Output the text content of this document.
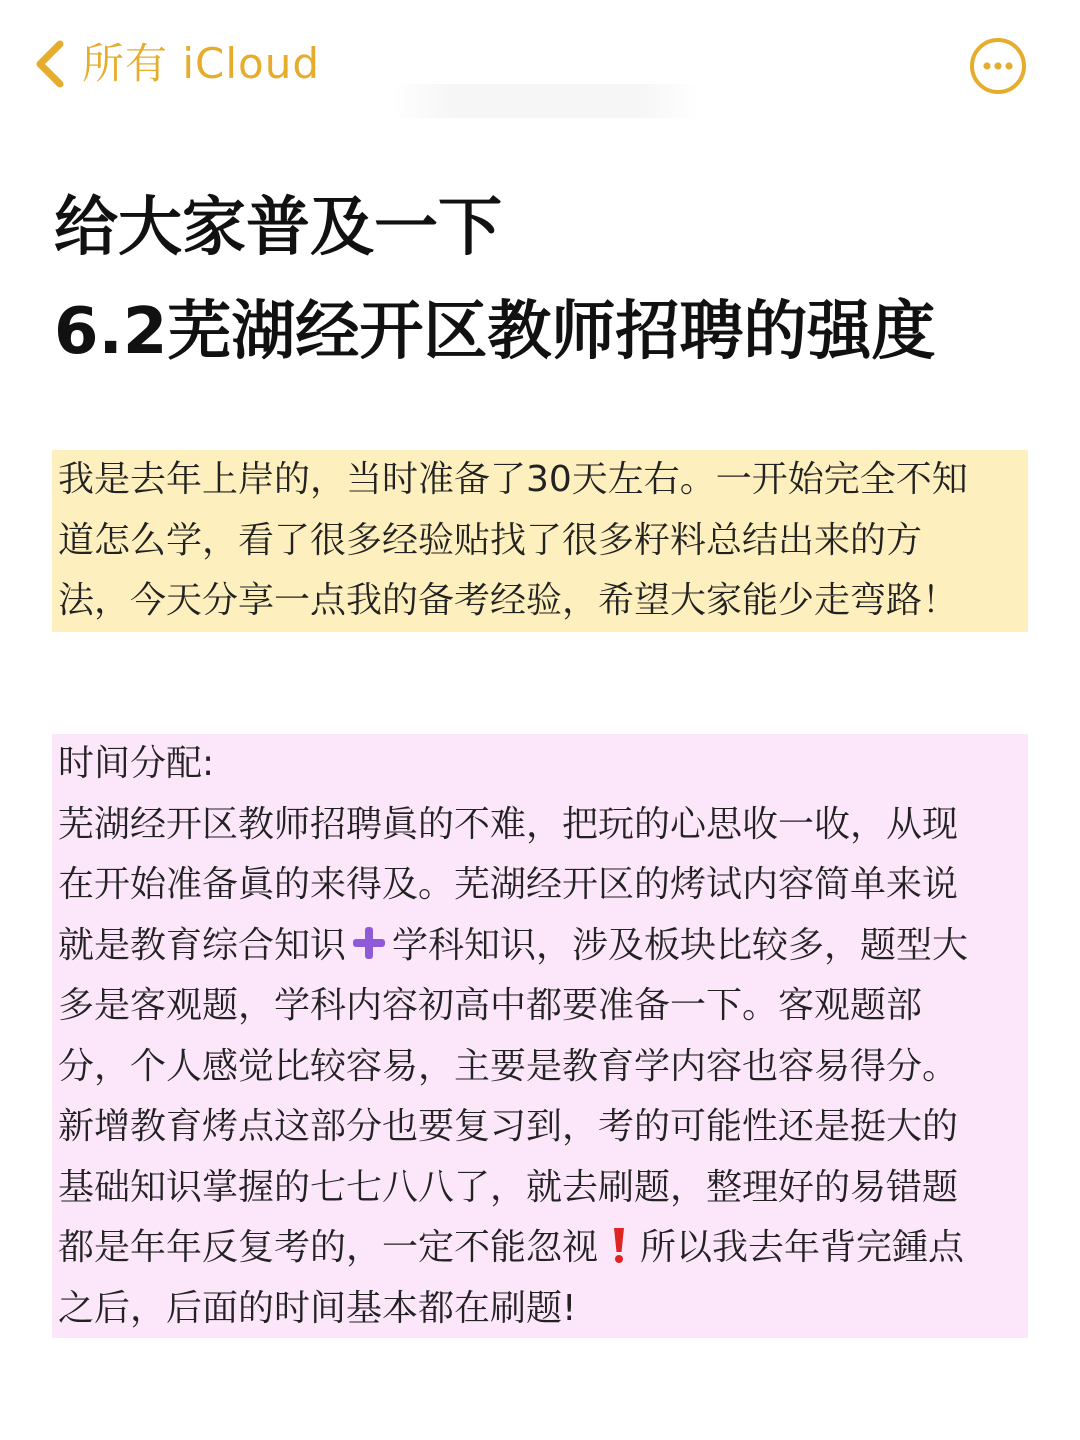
所有 iCloud
给大家普及一下
6.2芜湖经开区教师招聘的强度
我是去年上岸的，当时准备了30天左右。一开始完全不知
道怎么学，看了很多经验贴找了很多籽料总结出来的方
法，今天分享一点我的备考经验，希望大家能少走弯路！
时间分配:
芜湖经开区教师招聘眞的不难，把玩的心思收一收，从现
在开始准备眞的来得及。芜湖经开区的烤试内容简单来说
就是教育综合知识 学科知识，涉及板块比较多，题型大
多是客观题，学科内容初高中都要准备一下。客观题部
分，个人感觉比较容易，主要是教育学内容也容易得分。
新增教育烤点这部分也要复习到，考的可能性还是挺大的
基础知识掌握的七七八八了，就去刷题，整理好的易错题
都是年年反复考的，一定不能忽视 所以我去年背完鍾点
之后，后面的时间基本都在刷题!
